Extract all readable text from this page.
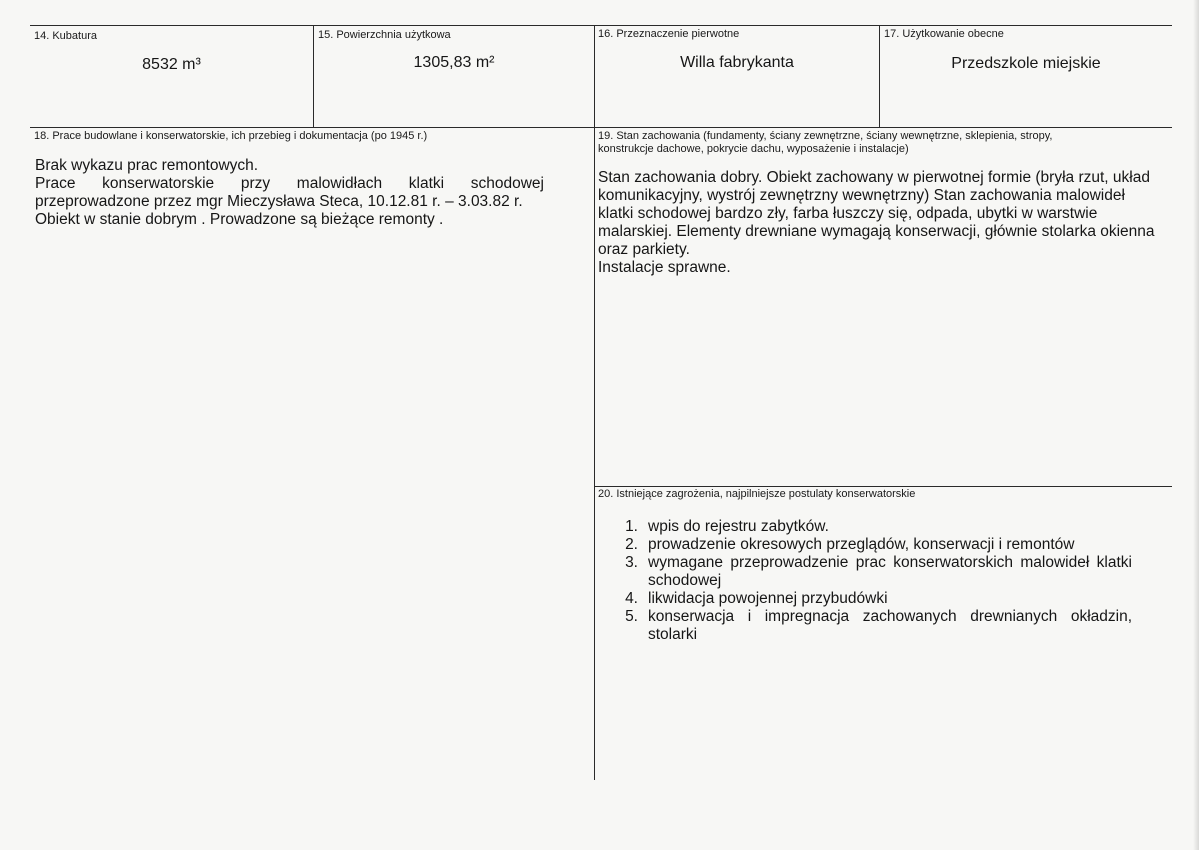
14. Kubatura
8532 m³
15. Powierzchnia użytkowa
1305,83 m²
16. Przeznaczenie pierwotne
Willa fabrykanta
17. Użytkowanie obecne
Przedszkole miejskie
18. Prace budowlane i konserwatorskie, ich przebieg i dokumentacja (po 1945 r.)
Brak wykazu prac remontowych.
Prace konserwatorskie przy malowidłach klatki schodowej
przeprowadzone przez mgr Mieczysława Steca, 10.12.81 r. – 3.03.82 r.
Obiekt w stanie dobrym . Prowadzone są bieżące remonty .
19. Stan zachowania (fundamenty, ściany zewnętrzne, ściany wewnętrzne, sklepienia, stropy,
konstrukcje dachowe, pokrycie dachu, wyposażenie i instalacje)
Stan zachowania dobry. Obiekt zachowany w pierwotnej formie (bryła rzut, układ
komunikacyjny, wystrój zewnętrzny wewnętrzny) Stan zachowania malowideł
klatki schodowej bardzo zły, farba łuszczy się, odpada, ubytki w warstwie
malarskiej. Elementy drewniane wymagają konserwacji, głównie stolarka okienna
oraz parkiety.
Instalacje sprawne.
20. Istniejące zagrożenia, najpilniejsze postulaty konserwatorskie
1. wpis do rejestru zabytków.
2. prowadzenie okresowych przeglądów, konserwacji i remontów
3. wymagane przeprowadzenie prac konserwatorskich malowideł klatki
schodowej
4. likwidacja powojennej przybudówki
5. konserwacja i impregnacja zachowanych drewnianych okładzin,
stolarki
